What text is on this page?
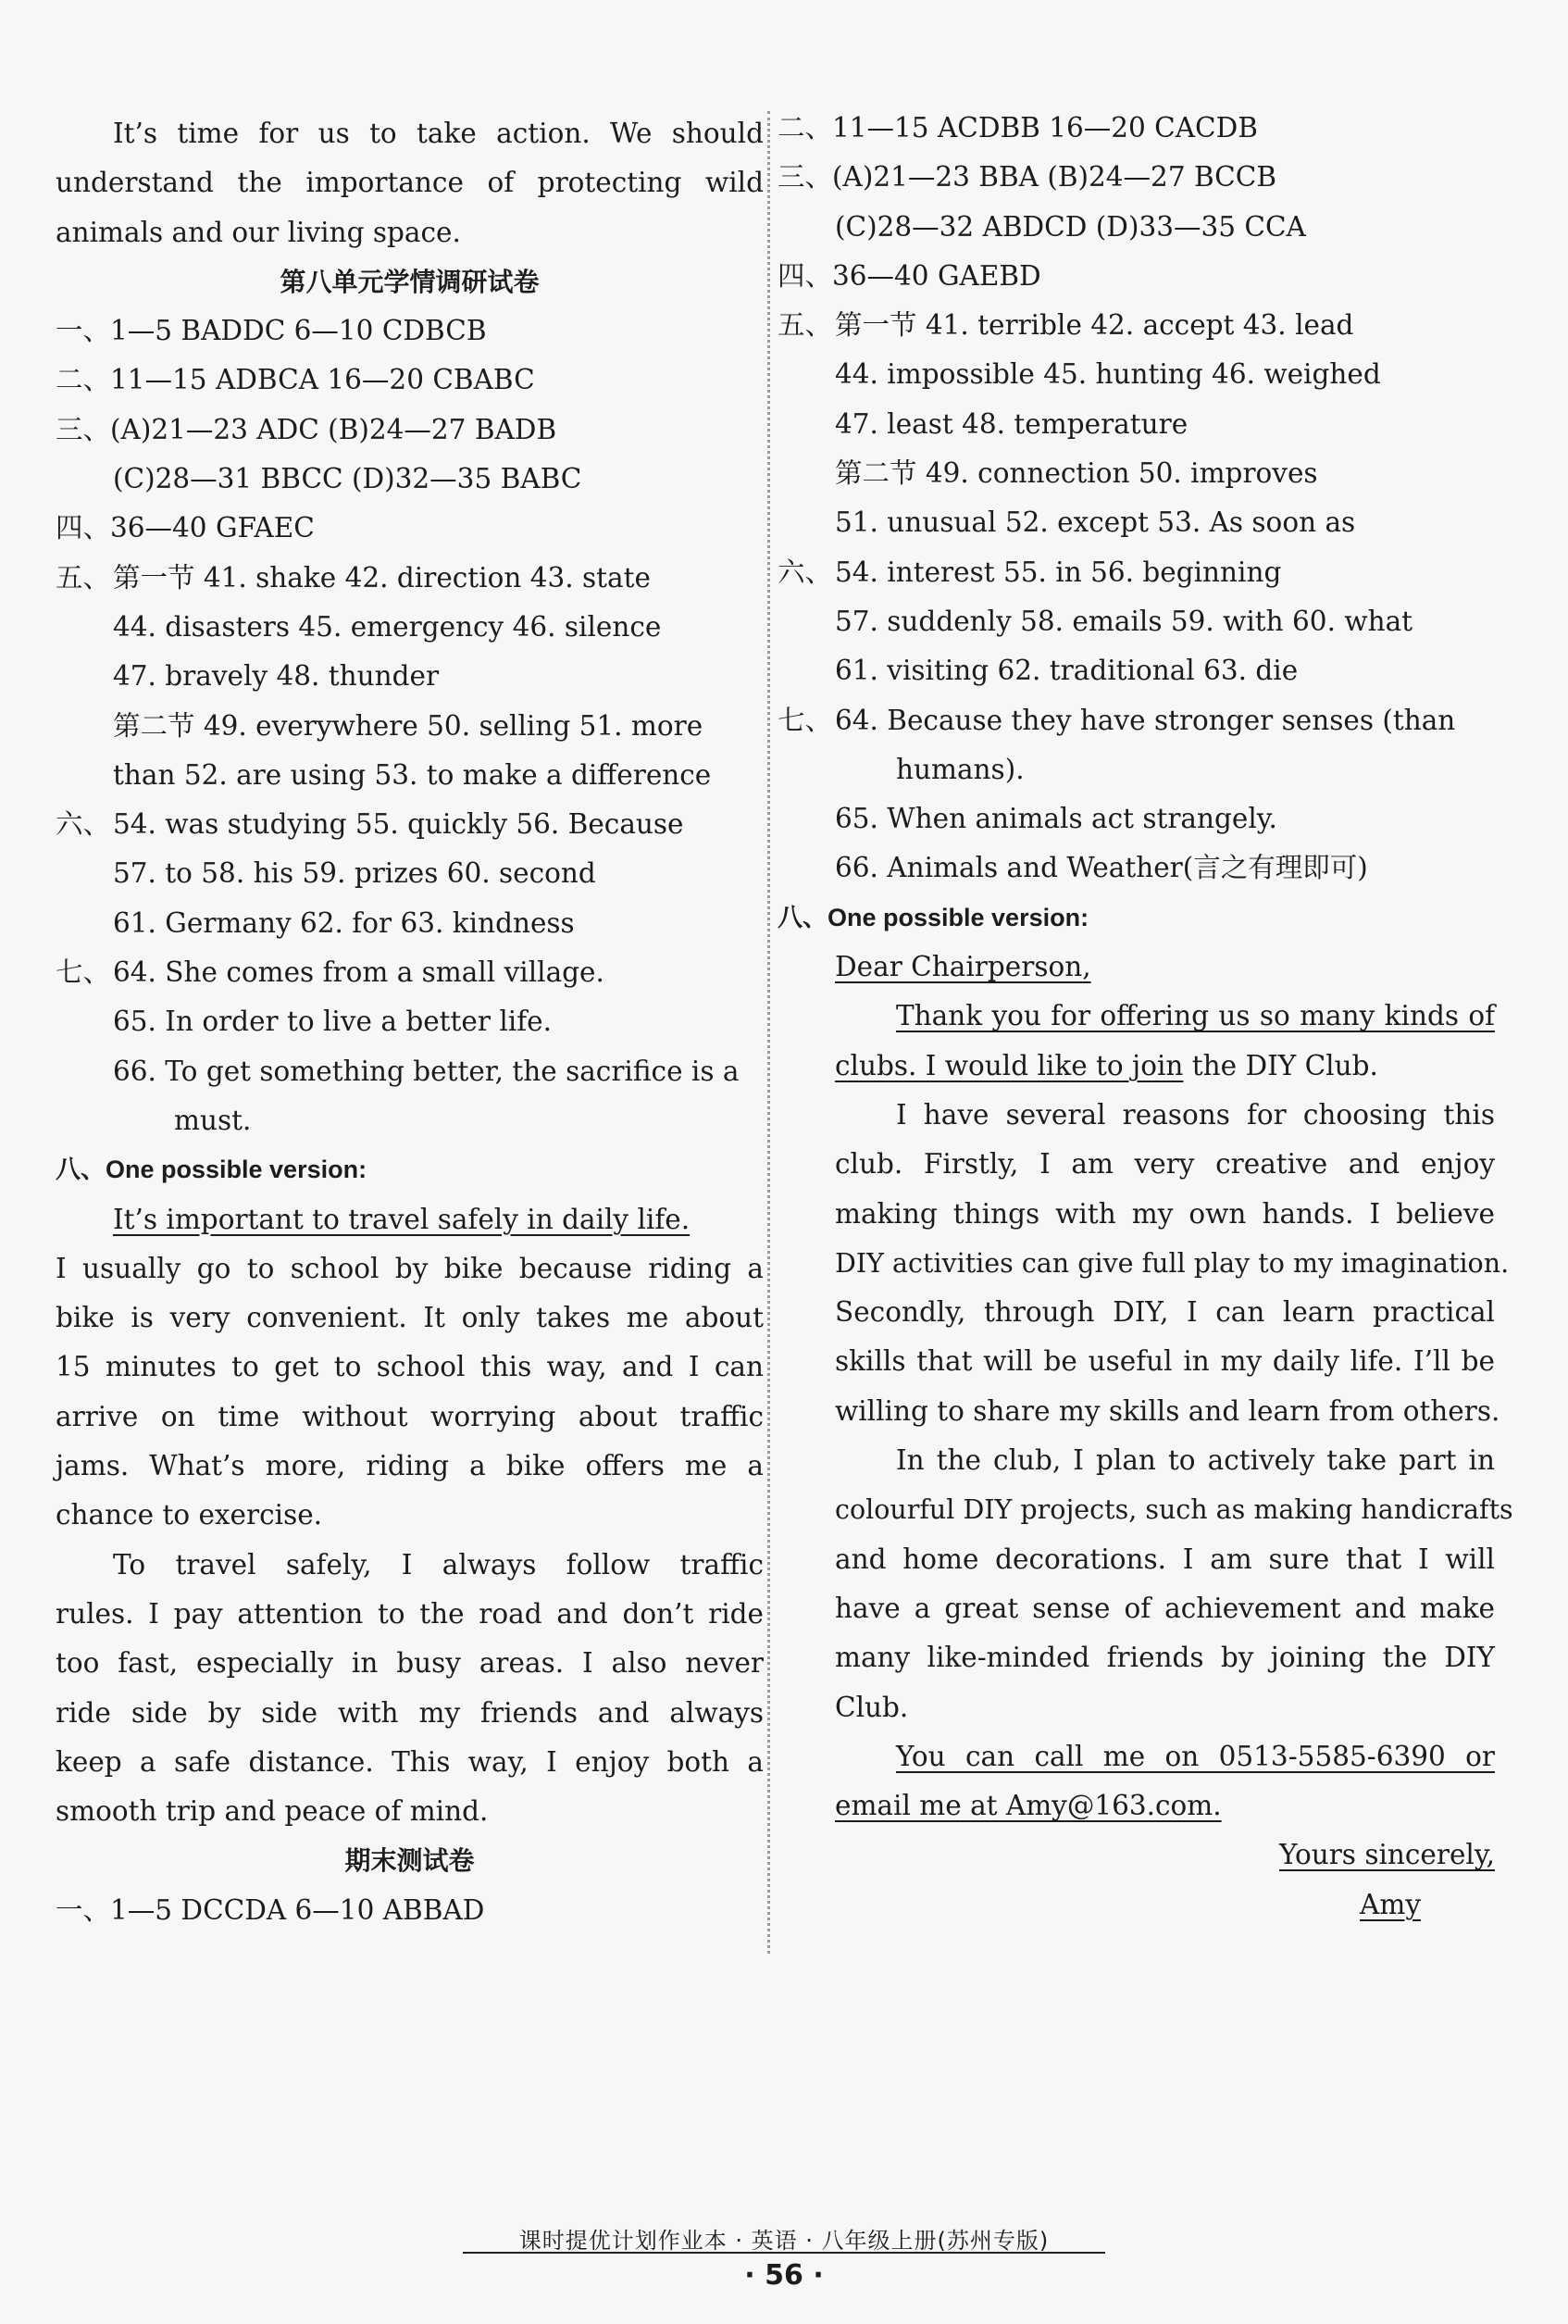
It’s time for us to take action. We should
understand the importance of protecting wild
animals and our living space.
第八单元学情调研试卷
一、1—5 BADDC 6—10 CDBCB
二、11—15 ADBCA 16—20 CBABC
三、(A)21—23 ADC (B)24—27 BADB
(C)28—31 BBCC (D)32—35 BABC
四、36—40 GFAEC
五、 第一节 41. shake 42. direction 43. state
44. disasters 45. emergency 46. silence
47. bravely 48. thunder
第二节 49. everywhere 50. selling 51. more
than 52. are using 53. to make a difference
六、 54. was studying 55. quickly 56. Because
57. to 58. his 59. prizes 60. second
61. Germany 62. for 63. kindness
七、 64. She comes from a small village.
65. In order to live a better life.
66. To get something better, the sacrifice is a
must.
八、One possible version:
It’s important to travel safely in daily life.
I usually go to school by bike because riding a
bike is very convenient. It only takes me about
15 minutes to get to school this way, and I can
arrive on time without worrying about traffic
jams. What’s more, riding a bike offers me a
chance to exercise.
To travel safely, I always follow traffic
rules. I pay attention to the road and don’t ride
too fast, especially in busy areas. I also never
ride side by side with my friends and always
keep a safe distance. This way, I enjoy both a
smooth trip and peace of mind.
期末测试卷
一、1—5 DCCDA 6—10 ABBAD
二、11—15 ACDBB 16—20 CACDB
三、(A)21—23 BBA (B)24—27 BCCB
(C)28—32 ABDCD (D)33—35 CCA
四、36—40 GAEBD
五、 第一节 41. terrible 42. accept 43. lead
44. impossible 45. hunting 46. weighed
47. least 48. temperature
第二节 49. connection 50. improves
51. unusual 52. except 53. As soon as
六、 54. interest 55. in 56. beginning
57. suddenly 58. emails 59. with 60. what
61. visiting 62. traditional 63. die
七、 64. Because they have stronger senses (than
humans).
65. When animals act strangely.
66. Animals and Weather(言之有理即可)
八、One possible version:
Dear Chairperson,
Thank you for offering us so many kinds of
clubs. I would like to join the DIY Club.
I have several reasons for choosing this
club. Firstly, I am very creative and enjoy
making things with my own hands. I believe
DIY activities can give full play to my imagination.
Secondly, through DIY, I can learn practical
skills that will be useful in my daily life. I’ll be
willing to share my skills and learn from others.
In the club, I plan to actively take part in
colourful DIY projects, such as making handicrafts
and home decorations. I am sure that I will
have a great sense of achievement and make
many like-minded friends by joining the DIY
Club.
You can call me on 0513-5585-6390 or
email me at Amy@163.com.
Yours sincerely,
Amy
课时提优计划作业本 · 英语 · 八年级上册(苏州专版)
· 56 ·
